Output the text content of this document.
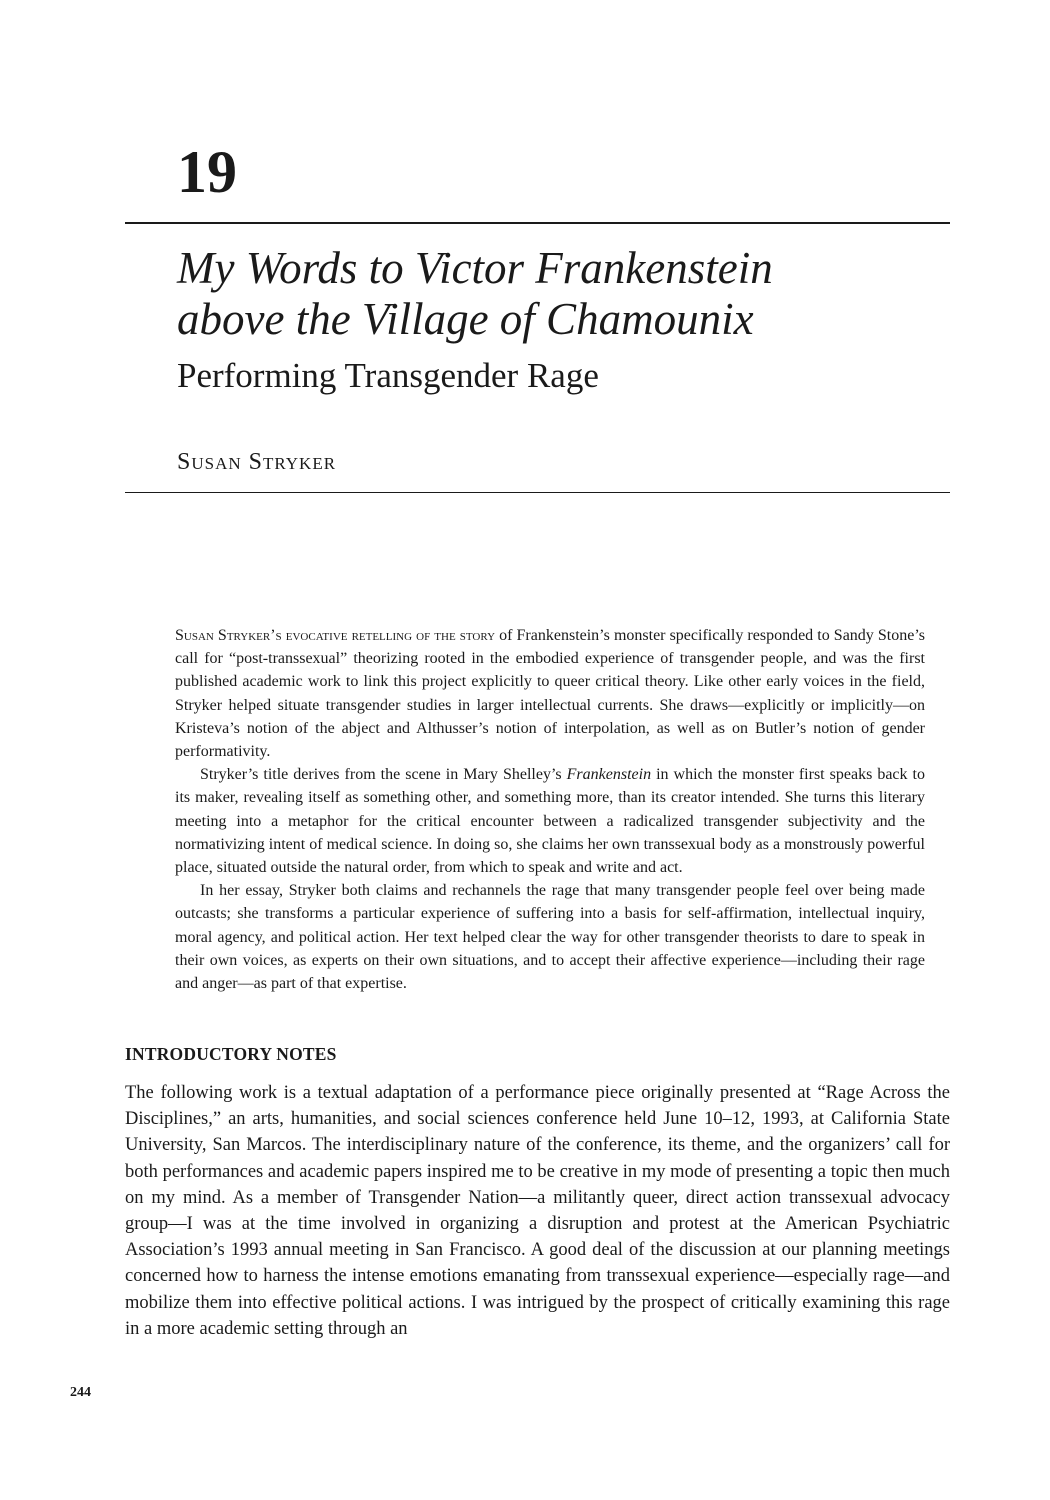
19
My Words to Victor Frankenstein
above the Village of Chamounix
Performing Transgender Rage
Susan Stryker

Susan Stryker’s evocative retelling of the story of Frankenstein’s monster specifically responded to Sandy Stone’s call for “post-transsexual” theorizing rooted in the embodied experience of transgender people, and was the first published academic work to link this project explicitly to queer critical theory. Like other early voices in the field, Stryker helped situate transgender studies in larger intellectual currents. She draws—explicitly or implicitly—on Kristeva’s notion of the abject and Althusser’s notion of interpolation, as well as on Butler’s notion of gender performativity.

Stryker’s title derives from the scene in Mary Shelley’s Frankenstein in which the monster first speaks back to its maker, revealing itself as something other, and something more, than its creator intended. She turns this literary meeting into a metaphor for the critical encounter between a radicalized transgender subjectivity and the normativizing intent of medical science. In doing so, she claims her own transsexual body as a monstrously powerful place, situated outside the natural order, from which to speak and write and act.

In her essay, Stryker both claims and rechannels the rage that many transgender people feel over being made outcasts; she transforms a particular experience of suffering into a basis for self-affirmation, intellectual inquiry, moral agency, and political action. Her text helped clear the way for other transgender theorists to dare to speak in their own voices, as experts on their own situations, and to accept their affective experience—including their rage and anger—as part of that expertise.

INTRODUCTORY NOTES

The following work is a textual adaptation of a performance piece originally presented at “Rage Across the Disciplines,” an arts, humanities, and social sciences conference held June 10–12, 1993, at California State University, San Marcos. The interdisciplinary nature of the conference, its theme, and the organizers’ call for both performances and academic papers inspired me to be creative in my mode of presenting a topic then much on my mind. As a member of Transgender Nation—a militantly queer, direct action transsexual advocacy group—I was at the time involved in organizing a disruption and protest at the American Psychiatric Association’s 1993 annual meeting in San Francisco. A good deal of the discussion at our planning meetings concerned how to harness the intense emotions emanating from transsexual experience—especially rage—and mobilize them into effective political actions. I was intrigued by the prospect of critically examining this rage in a more academic setting through an

244
